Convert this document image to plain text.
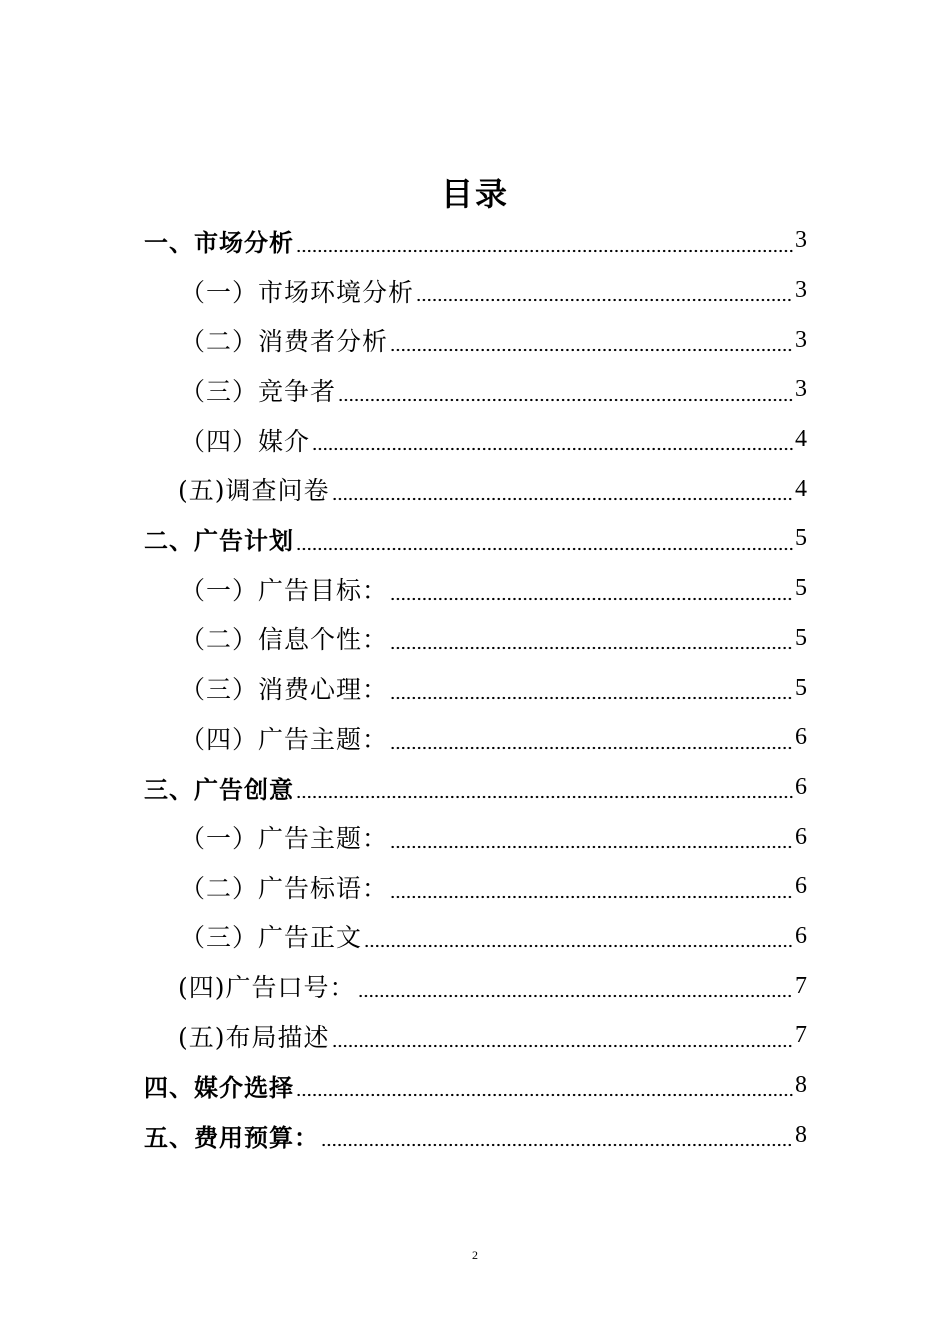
目录
一、市场分析	3
（一）市场环境分析	3
（二）消费者分析	3
（三）竞争者	3
（四）媒介	4
(五)调查问卷	4
二、广告计划	5
（一）广告目标：	5
（二）信息个性：	5
（三）消费心理：	5
（四）广告主题：	6
三、广告创意	6
（一）广告主题：	6
（二）广告标语：	6
（三）广告正文	6
(四)广告口号：	7
(五)布局描述	7
四、媒介选择	8
五、费用预算：	8
2
